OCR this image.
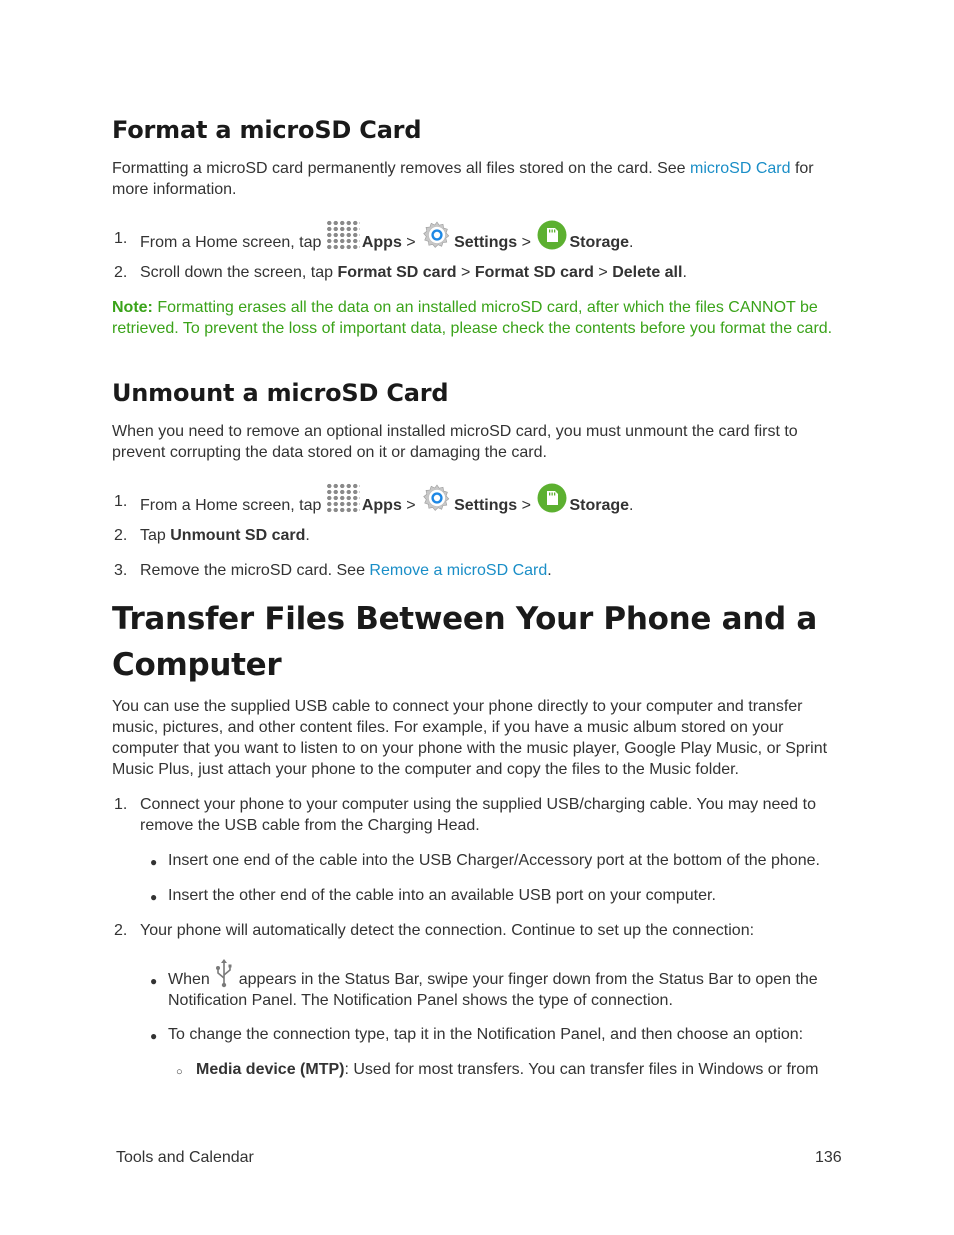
Format a microSD Card

Formatting a microSD card permanently removes all files stored on the card. See microSD Card for more information.

1. From a Home screen, tap Apps > Settings > Storage.
2. Scroll down the screen, tap Format SD card > Format SD card > Delete all.

Note: Formatting erases all the data on an installed microSD card, after which the files CANNOT be retrieved. To prevent the loss of important data, please check the contents before you format the card.

Unmount a microSD Card

When you need to remove an optional installed microSD card, you must unmount the card first to prevent corrupting the data stored on it or damaging the card.

1. From a Home screen, tap Apps > Settings > Storage.
2. Tap Unmount SD card.
3. Remove the microSD card. See Remove a microSD Card.
Transfer Files Between Your Phone and a Computer

You can use the supplied USB cable to connect your phone directly to your computer and transfer music, pictures, and other content files. For example, if you have a music album stored on your computer that you want to listen to on your phone with the music player, Google Play Music, or Sprint Music Plus, just attach your phone to the computer and copy the files to the Music folder.

1. Connect your phone to your computer using the supplied USB/charging cable. You may need to remove the USB cable from the Charging Head.
● Insert one end of the cable into the USB Charger/Accessory port at the bottom of the phone.
● Insert the other end of the cable into an available USB port on your computer.
2. Your phone will automatically detect the connection. Continue to set up the connection:
● When  appears in the Status Bar, swipe your finger down from the Status Bar to open the Notification Panel. The Notification Panel shows the type of connection.
● To change the connection type, tap it in the Notification Panel, and then choose an option:
○ Media device (MTP): Used for most transfers. You can transfer files in Windows or from
Tools and Calendar	136
